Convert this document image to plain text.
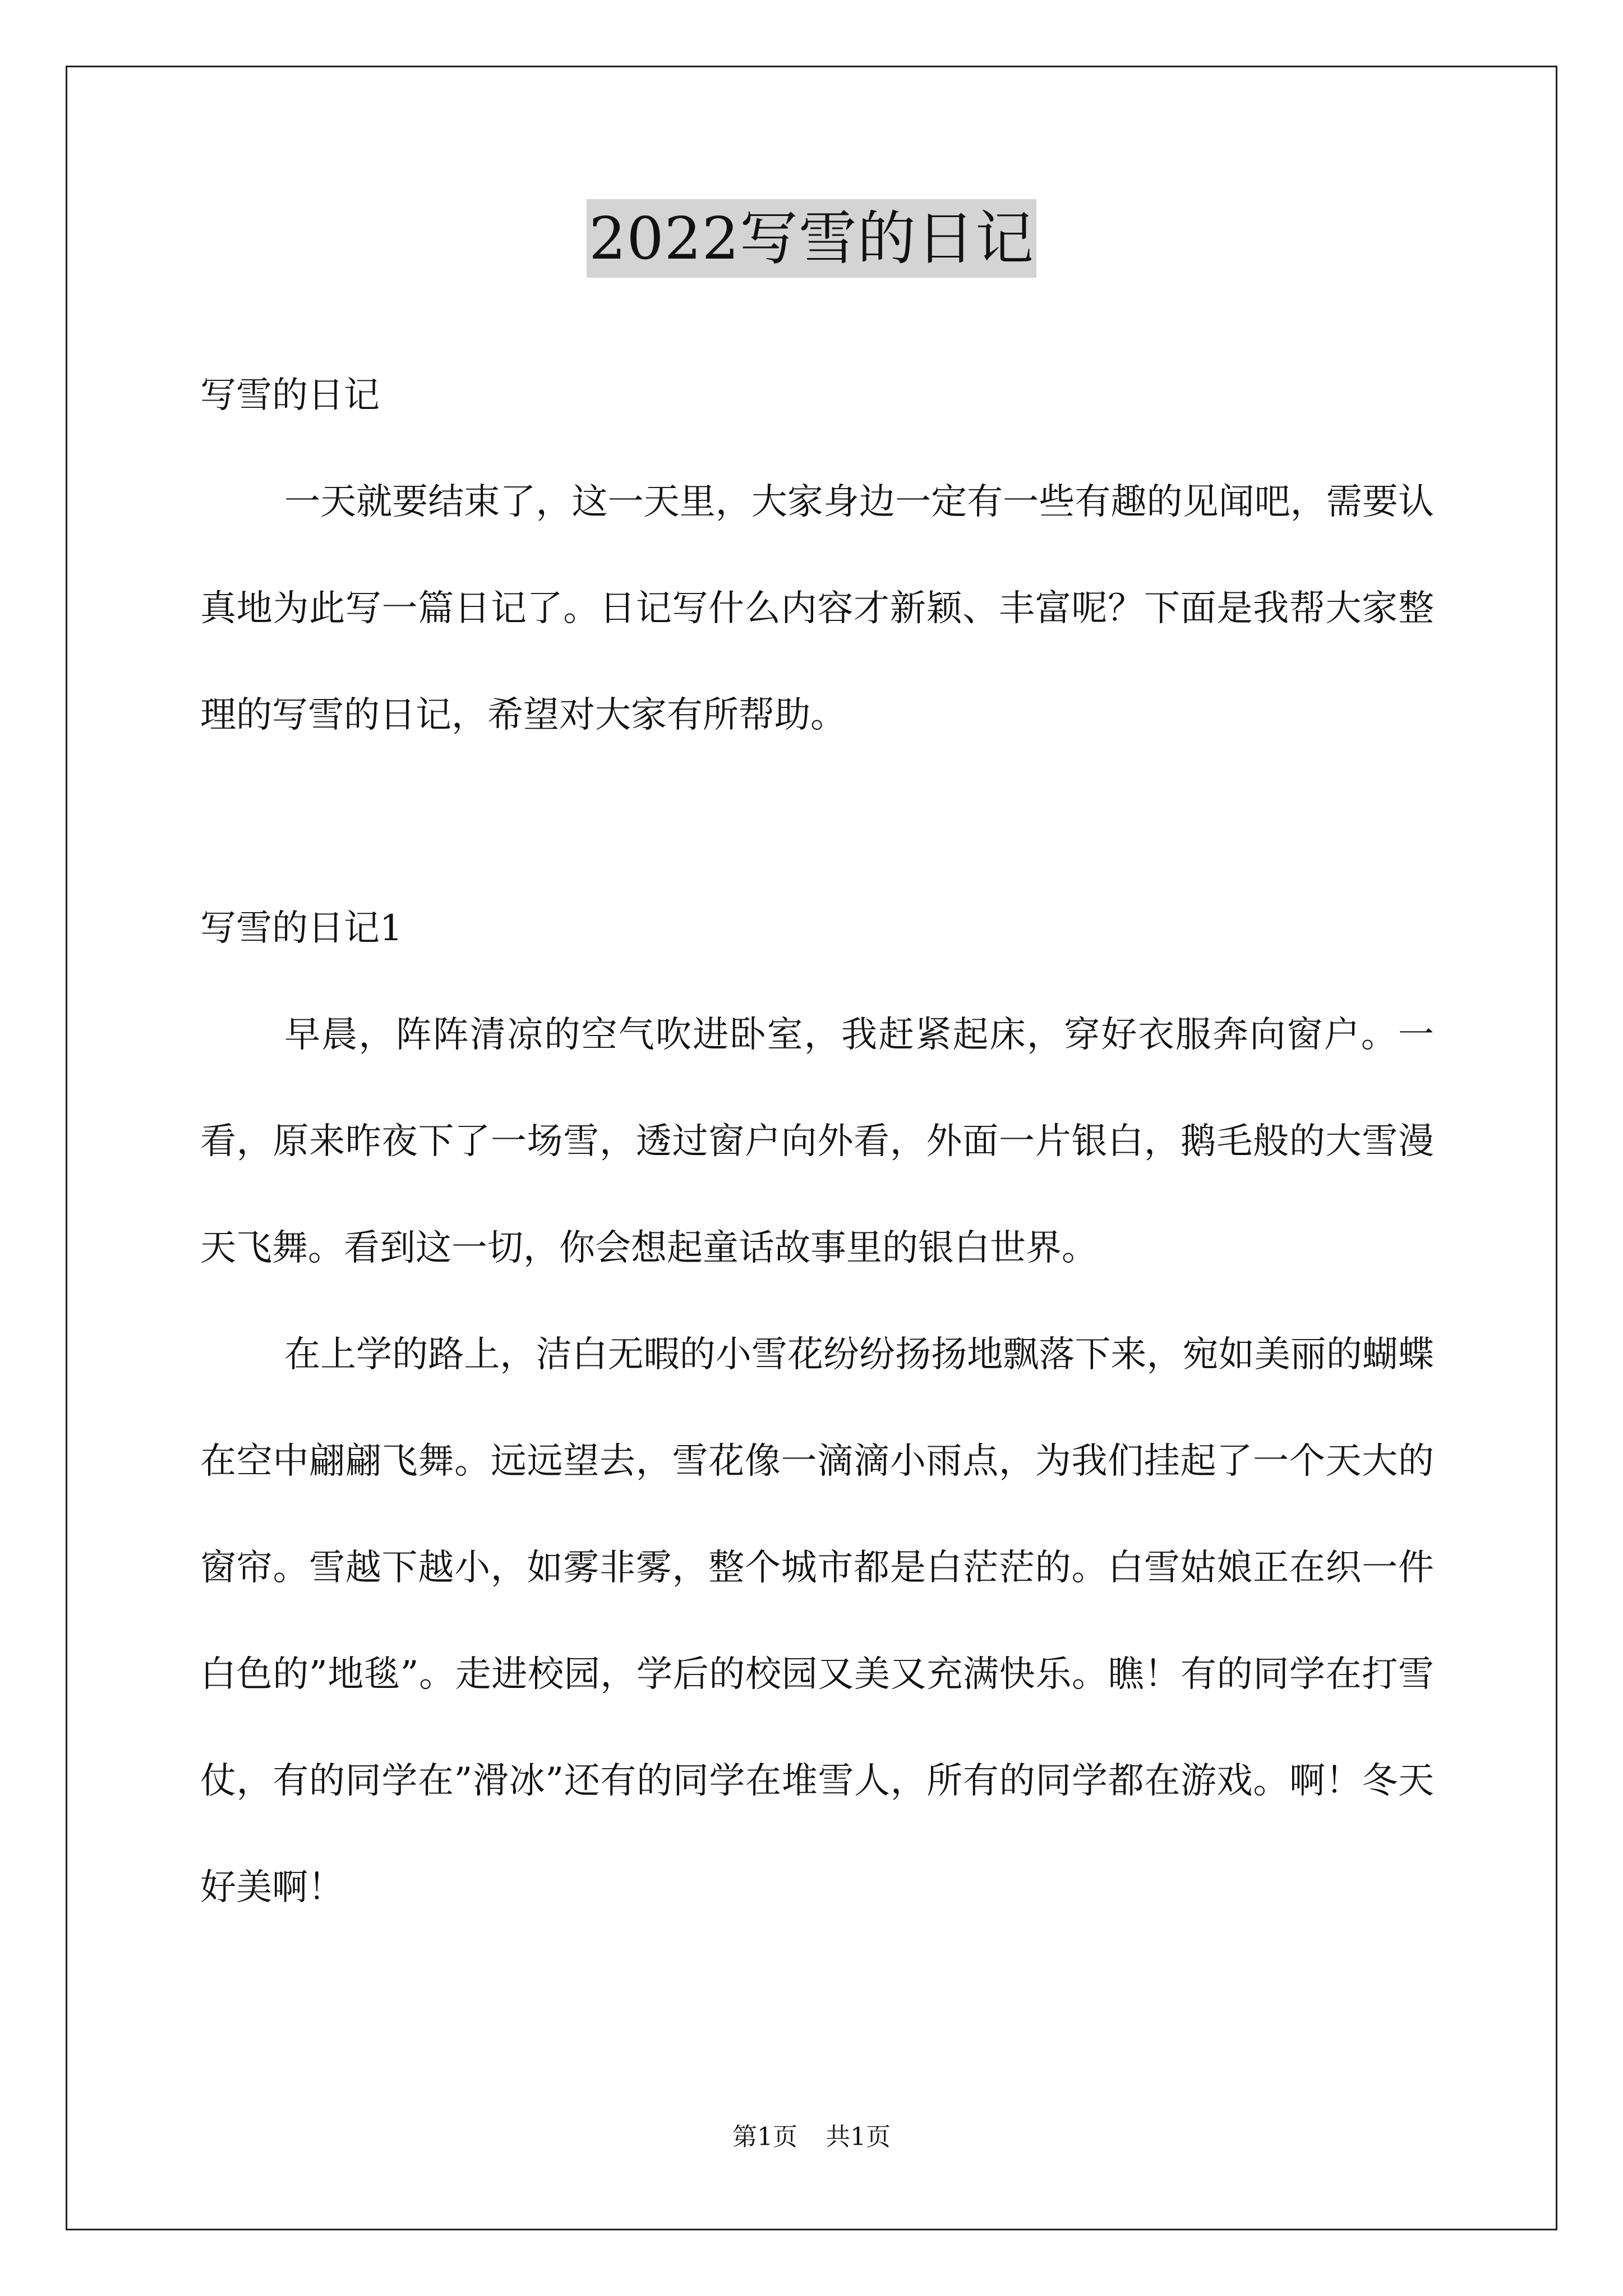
2022写雪的日记

写雪的日记

一天就要结束了，这一天里，大家身边一定有一些有趣的见闻吧，需要认真地为此写一篇日记了。日记写什么内容才新颖、丰富呢？下面是我帮大家整理的写雪的日记，希望对大家有所帮助。

写雪的日记1

早晨，阵阵清凉的空气吹进卧室，我赶紧起床，穿好衣服奔向窗户。一看，原来昨夜下了一场雪，透过窗户向外看，外面一片银白，鹅毛般的大雪漫天飞舞。看到这一切，你会想起童话故事里的银白世界。

在上学的路上，洁白无暇的小雪花纷纷扬扬地飘落下来，宛如美丽的蝴蝶在空中翩翩飞舞。远远望去，雪花像一滴滴小雨点，为我们挂起了一个天大的窗帘。雪越下越小，如雾非雾，整个城市都是白茫茫的。白雪姑娘正在织一件白色的”地毯”。走进校园，学后的校园又美又充满快乐。瞧！有的同学在打雪仗，有的同学在”滑冰”还有的同学在堆雪人，所有的同学都在游戏。啊！冬天好美啊！

第1页 共1页
